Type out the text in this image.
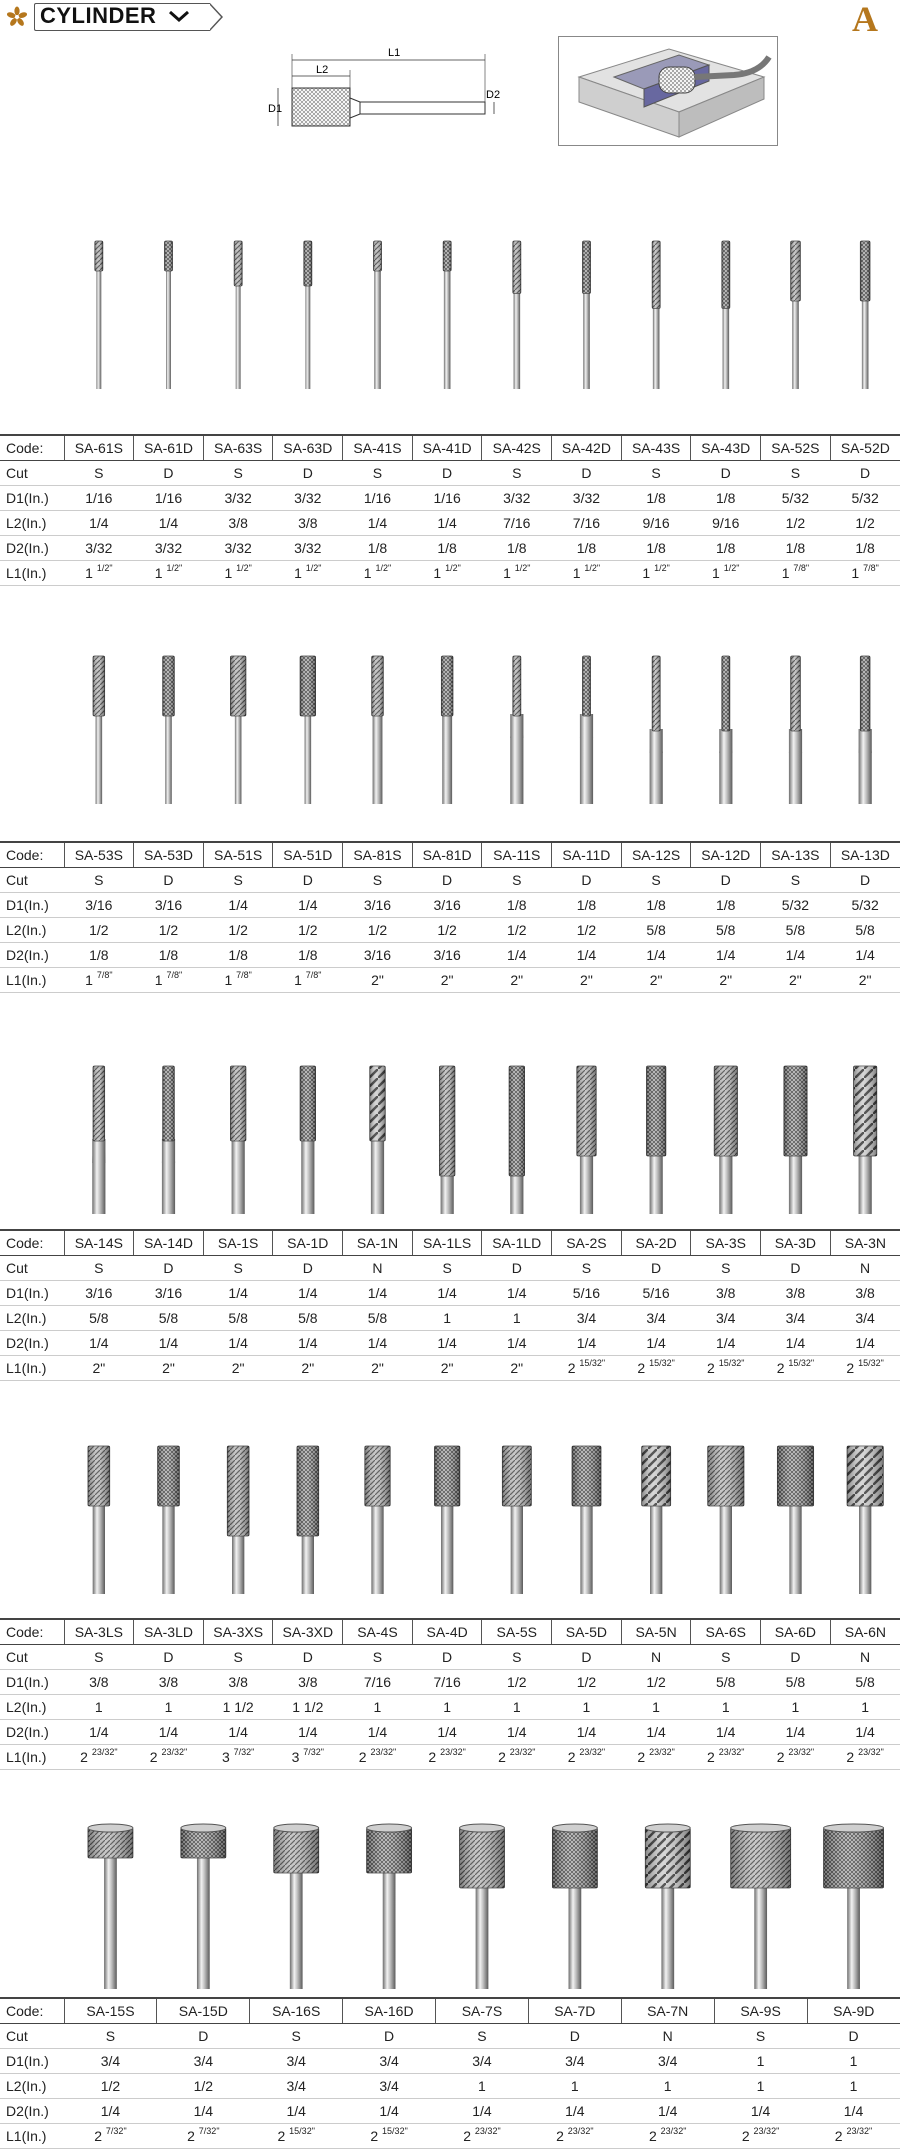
CYLINDER	A
L1
L2
D1
D2
Code:	SA-61S	SA-61D	SA-63S	SA-63D	SA-41S	SA-41D	SA-42S	SA-42D	SA-43S	SA-43D	SA-52S	SA-52D
Cut	S	D	S	D	S	D	S	D	S	D	S	D
D1(In.)	1/16	1/16	3/32	3/32	1/16	1/16	3/32	3/32	1/8	1/8	5/32	5/32
L2(In.)	1/4	1/4	3/8	3/8	1/4	1/4	7/16	7/16	9/16	9/16	1/2	1/2
D2(In.)	3/32	3/32	3/32	3/32	1/8	1/8	1/8	1/8	1/8	1/8	1/8	1/8
L1(In.)	1 $^{1/2"}$	1 $^{1/2"}$	1 $^{1/2"}$	1 $^{1/2"}$	1 $^{1/2"}$	1 $^{1/2"}$	1 $^{1/2"}$	1 $^{1/2"}$	1 $^{1/2"}$	1 $^{1/2"}$	1 $^{7/8"}$	1 $^{7/8"}$
Code:	SA-53S	SA-53D	SA-51S	SA-51D	SA-81S	SA-81D	SA-11S	SA-11D	SA-12S	SA-12D	SA-13S	SA-13D
Cut	S	D	S	D	S	D	S	D	S	D	S	D
D1(In.)	3/16	3/16	1/4	1/4	3/16	3/16	1/8	1/8	1/8	1/8	5/32	5/32
L2(In.)	1/2	1/2	1/2	1/2	1/2	1/2	1/2	1/2	5/8	5/8	5/8	5/8
D2(In.)	1/8	1/8	1/8	1/8	3/16	3/16	1/4	1/4	1/4	1/4	1/4	1/4
L1(In.)	1 $^{7/8"}$	1 $^{7/8"}$	1 $^{7/8"}$	1 $^{7/8"}$	2"	2"	2"	2"	2"	2"	2"	2"
Code:	SA-14S	SA-14D	SA-1S	SA-1D	SA-1N	SA-1LS	SA-1LD	SA-2S	SA-2D	SA-3S	SA-3D	SA-3N
Cut	S	D	S	D	N	S	D	S	D	S	D	N
D1(In.)	3/16	3/16	1/4	1/4	1/4	1/4	1/4	5/16	5/16	3/8	3/8	3/8
L2(In.)	5/8	5/8	5/8	5/8	5/8	1	1	3/4	3/4	3/4	3/4	3/4
D2(In.)	1/4	1/4	1/4	1/4	1/4	1/4	1/4	1/4	1/4	1/4	1/4	1/4
L1(In.)	2"	2"	2"	2"	2"	2"	2"	2 $^{15/32"}$	2 $^{15/32"}$	2 $^{15/32"}$	2 $^{15/32"}$	2 $^{15/32"}$
Code:	SA-3LS	SA-3LD	SA-3XS	SA-3XD	SA-4S	SA-4D	SA-5S	SA-5D	SA-5N	SA-6S	SA-6D	SA-6N
Cut	S	D	S	D	S	D	S	D	N	S	D	N
D1(In.)	3/8	3/8	3/8	3/8	7/16	7/16	1/2	1/2	1/2	5/8	5/8	5/8
L2(In.)	1	1	1 1/2	1 1/2	1	1	1	1	1	1	1	1
D2(In.)	1/4	1/4	1/4	1/4	1/4	1/4	1/4	1/4	1/4	1/4	1/4	1/4
L1(In.)	2 $^{23/32"}$	2 $^{23/32"}$	3 $^{7/32"}$	3 $^{7/32"}$	2 $^{23/32"}$	2 $^{23/32"}$	2 $^{23/32"}$	2 $^{23/32"}$	2 $^{23/32"}$	2 $^{23/32"}$	2 $^{23/32"}$	2 $^{23/32"}$
Code:	SA-15S	SA-15D	SA-16S	SA-16D	SA-7S	SA-7D	SA-7N	SA-9S	SA-9D
Cut	S	D	S	D	S	D	N	S	D
D1(In.)	3/4	3/4	3/4	3/4	3/4	3/4	3/4	1	1
L2(In.)	1/2	1/2	3/4	3/4	1	1	1	1	1
D2(In.)	1/4	1/4	1/4	1/4	1/4	1/4	1/4	1/4	1/4
L1(In.)	2 $^{7/32"}$	2 $^{7/32"}$	2 $^{15/32"}$	2 $^{15/32"}$	2 $^{23/32"}$	2 $^{23/32"}$	2 $^{23/32"}$	2 $^{23/32"}$	2 $^{23/32"}$
